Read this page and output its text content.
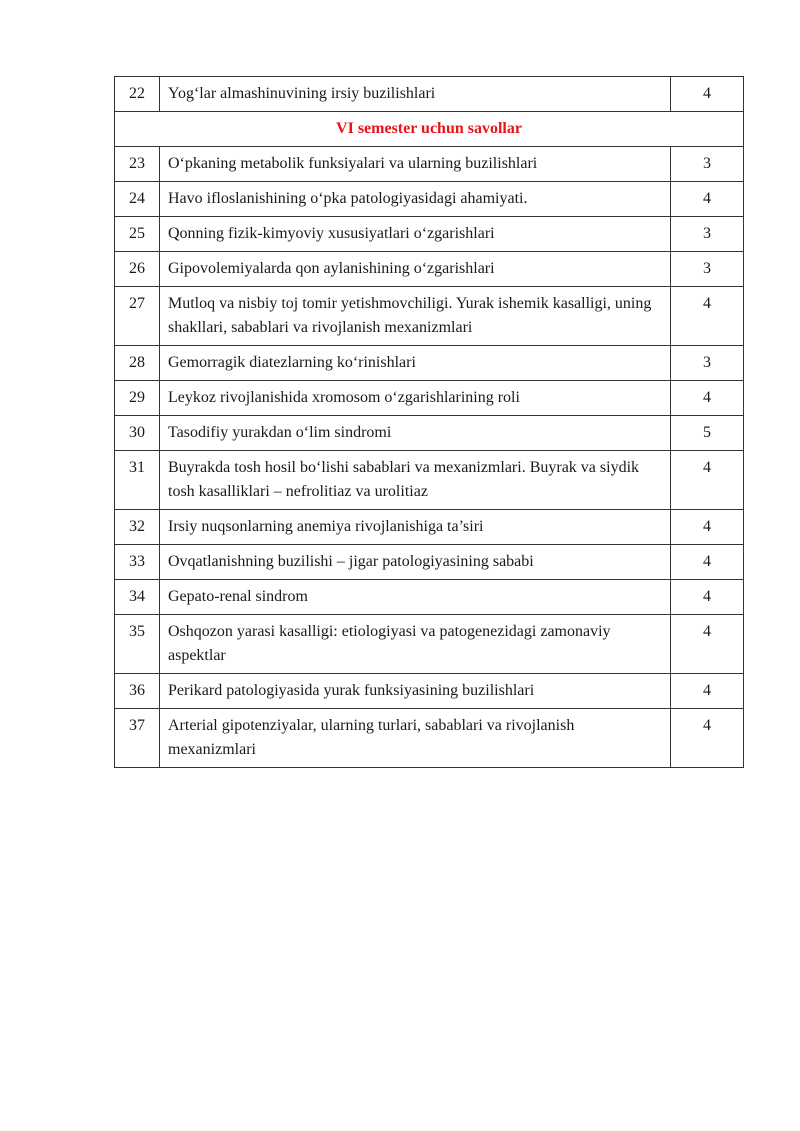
22	Yog‘lar almashinuvining irsiy buzilishlari	4
VI semester uchun savollar		
23	O‘pkaning metabolik funksiyalari va ularning buzilishlari	3
24	Havo ifloslanishining o‘pka patologiyasidagi ahamiyati.	4
25	Qonning fizik-kimyoviy xususiyatlari o‘zgarishlari	3
26	Gipovolemiyalarda qon aylanishining o‘zgarishlari	3
27	Mutloq va nisbiy toj tomir yetishmovchiligi. Yurak ishemik kasalligi, uning shakllari, sabablari va rivojlanish mexanizmlari	4
28	Gemorragik diatezlarning ko‘rinishlari	3
29	Leykoz rivojlanishida xromosom o‘zgarishlarining roli	4
30	Tasodifiy yurakdan o‘lim sindromi	5
31	Buyrakda tosh hosil bo‘lishi sabablari va mexanizmlari. Buyrak va siydik tosh kasalliklari – nefrolitiaz va urolitiaz	4
32	Irsiy nuqsonlarning anemiya rivojlanishiga ta’siri	4
33	Ovqatlanishning buzilishi – jigar patologiyasining sababi	4
34	Gepato-renal sindrom	4
35	Oshqozon yarasi kasalligi: etiologiyasi va patogenezidagi zamonaviy aspektlar	4
36	Perikard patologiyasida yurak funksiyasining buzilishlari	4
37	Arterial gipotenziyalar, ularning turlari, sabablari va rivojlanish mexanizmlari	4
